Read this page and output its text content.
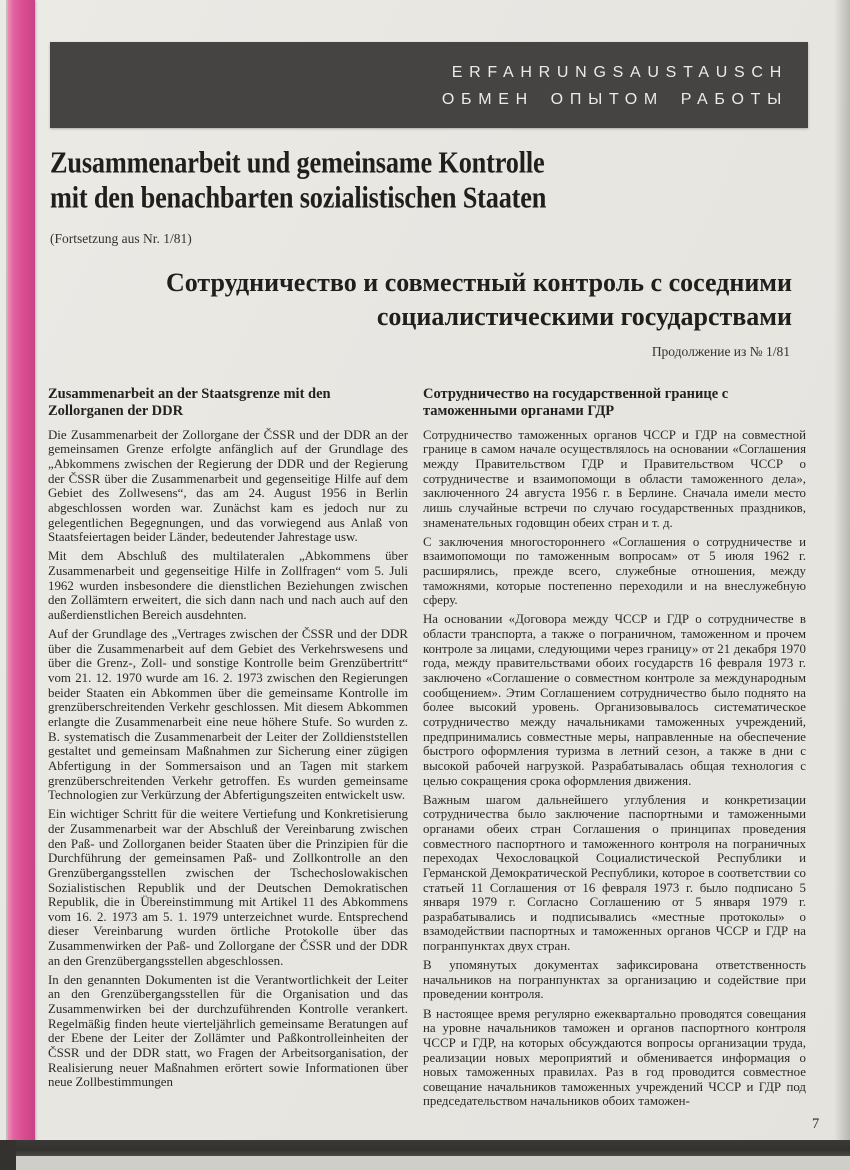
ERFAHRUNGSAUSTAUSCH
ОБМЕН ОПЫТОМ РАБОТЫ
Zusammenarbeit und gemeinsame Kontrolle
mit den benachbarten sozialistischen Staaten
(Fortsetzung aus Nr. 1/81)
Сотрудничество и совместный контроль с соседними
социалистическими государствами
Продолжение из № 1/81
Zusammenarbeit an der Staatsgrenze mit den Zollorganen der DDR

Die Zusammenarbeit der Zollorgane der ČSSR und der DDR an der gemeinsamen Grenze erfolgte anfänglich auf der Grundlage des „Abkommens zwischen der Regierung der DDR und der Regierung der ČSSR über die Zusammenarbeit und gegenseitige Hilfe auf dem Gebiet des Zollwesens“, das am 24. August 1956 in Berlin abgeschlossen worden war. Zunächst kam es jedoch nur zu gelegentlichen Begegnungen, und das vorwiegend aus Anlaß von Staatsfeiertagen beider Länder, bedeutender Jahrestage usw.

Mit dem Abschluß des multilateralen „Abkommens über Zusammenarbeit und gegenseitige Hilfe in Zollfragen“ vom 5. Juli 1962 wurden insbesondere die dienstlichen Beziehungen zwischen den Zollämtern erweitert, die sich dann nach und nach auch auf den außerdienstlichen Bereich ausdehnten.

Auf der Grundlage des „Vertrages zwischen der ČSSR und der DDR über die Zusammenarbeit auf dem Gebiet des Verkehrswesens und über die Grenz-, Zoll- und sonstige Kontrolle beim Grenzübertritt“ vom 21. 12. 1970 wurde am 16. 2. 1973 zwischen den Regierungen beider Staaten ein Abkommen über die gemeinsame Kontrolle im grenzüberschreitenden Verkehr geschlossen. Mit diesem Abkommen erlangte die Zusammenarbeit eine neue höhere Stufe. So wurden z. B. systematisch die Zusammenarbeit der Leiter der Zolldienststellen gestaltet und gemeinsam Maßnahmen zur Sicherung einer zügigen Abfertigung in der Sommersaison und an Tagen mit starkem grenzüberschreitenden Verkehr getroffen. Es wurden gemeinsame Technologien zur Verkürzung der Abfertigungszeiten entwickelt usw.

Ein wichtiger Schritt für die weitere Vertiefung und Konkretisierung der Zusammenarbeit war der Abschluß der Vereinbarung zwischen den Paß- und Zollorganen beider Staaten über die Prinzipien für die Durchführung der gemeinsamen Paß- und Zollkontrolle an den Grenzübergangsstellen zwischen der Tschechoslowakischen Sozialistischen Republik und der Deutschen Demokratischen Republik, die in Übereinstimmung mit Artikel 11 des Abkommens vom 16. 2. 1973 am 5. 1. 1979 unterzeichnet wurde. Entsprechend dieser Vereinbarung wurden örtliche Protokolle über das Zusammenwirken der Paß- und Zollorgane der ČSSR und der DDR an den Grenzübergangsstellen abgeschlossen.

In den genannten Dokumenten ist die Verantwortlichkeit der Leiter an den Grenzübergangsstellen für die Organisation und das Zusammenwirken bei der durchzuführenden Kontrolle verankert. Regelmäßig finden heute vierteljährlich gemeinsame Beratungen auf der Ebene der Leiter der Zollämter und Paßkontrolleinheiten der ČSSR und der DDR statt, wo Fragen der Arbeitsorganisation, der Realisierung neuer Maßnahmen erörtert sowie Informationen über neue Zollbestimmungen

Сотрудничество на государственной границе с таможенными органами ГДР

Сотрудничество таможенных органов ЧССР и ГДР на совместной границе в самом начале осуществлялось на основании «Соглашения между Правительством ГДР и Правительством ЧССР о сотрудничестве и взаимопомощи в области таможенного дела», заключенного 24 августа 1956 г. в Берлине. Сначала имели место лишь случайные встречи по случаю государственных праздников, знаменательных годовщин обеих стран и т. д.

С заключения многостороннего «Соглашения о сотрудничестве и взаимопомощи по таможенным вопросам» от 5 июля 1962 г. расширялись, прежде всего, служебные отношения, между таможнями, которые постепенно переходили и на внеслужебную сферу.

На основании «Договора между ЧССР и ГДР о сотрудничестве в области транспорта, а также о пограничном, таможенном и прочем контроле за лицами, следующими через границу» от 21 декабря 1970 года, между правительствами обоих государств 16 февраля 1973 г. заключено «Соглашение о совместном контроле за международным сообщением». Этим Соглашением сотрудничество было поднято на более высокий уровень. Организовывалось систематическое сотрудничество между начальниками таможенных учреждений, предпринимались совместные меры, направленные на обеспечение быстрого оформления туризма в летний сезон, а также в дни с высокой рабочей нагрузкой. Разрабатывалась общая технология с целью сокращения срока оформления движения.

Важным шагом дальнейшего углубления и конкретизации сотрудничества было заключение паспортными и таможенными органами обеих стран Соглашения о принципах проведения совместного паспортного и таможенного контроля на пограничных переходах Чехословацкой Социалистической Республики и Германской Демократической Республики, которое в соответствии со статьей 11 Соглашения от 16 февраля 1973 г. было подписано 5 января 1979 г. Согласно Соглашению от 5 января 1979 г. разрабатывались и подписывались «местные протоколы» о взамодействии паспортных и таможенных органов ЧССР и ГДР на погранпунктах двух стран.

В упомянутых документах зафиксирована ответственность начальников на погранпунктах за организацию и содействие при проведении контроля.

В настоящее время регулярно ежеквартально проводятся совещания на уровне начальников таможен и органов паспортного контроля ЧССР и ГДР, на которых обсуждаются вопросы организации труда, реализации новых мероприятий и обменивается информация о новых таможенных правилах. Раз в год проводится совместное совещание начальников таможенных учреждений ЧССР и ГДР под председательством начальников обоих таможен-

7
